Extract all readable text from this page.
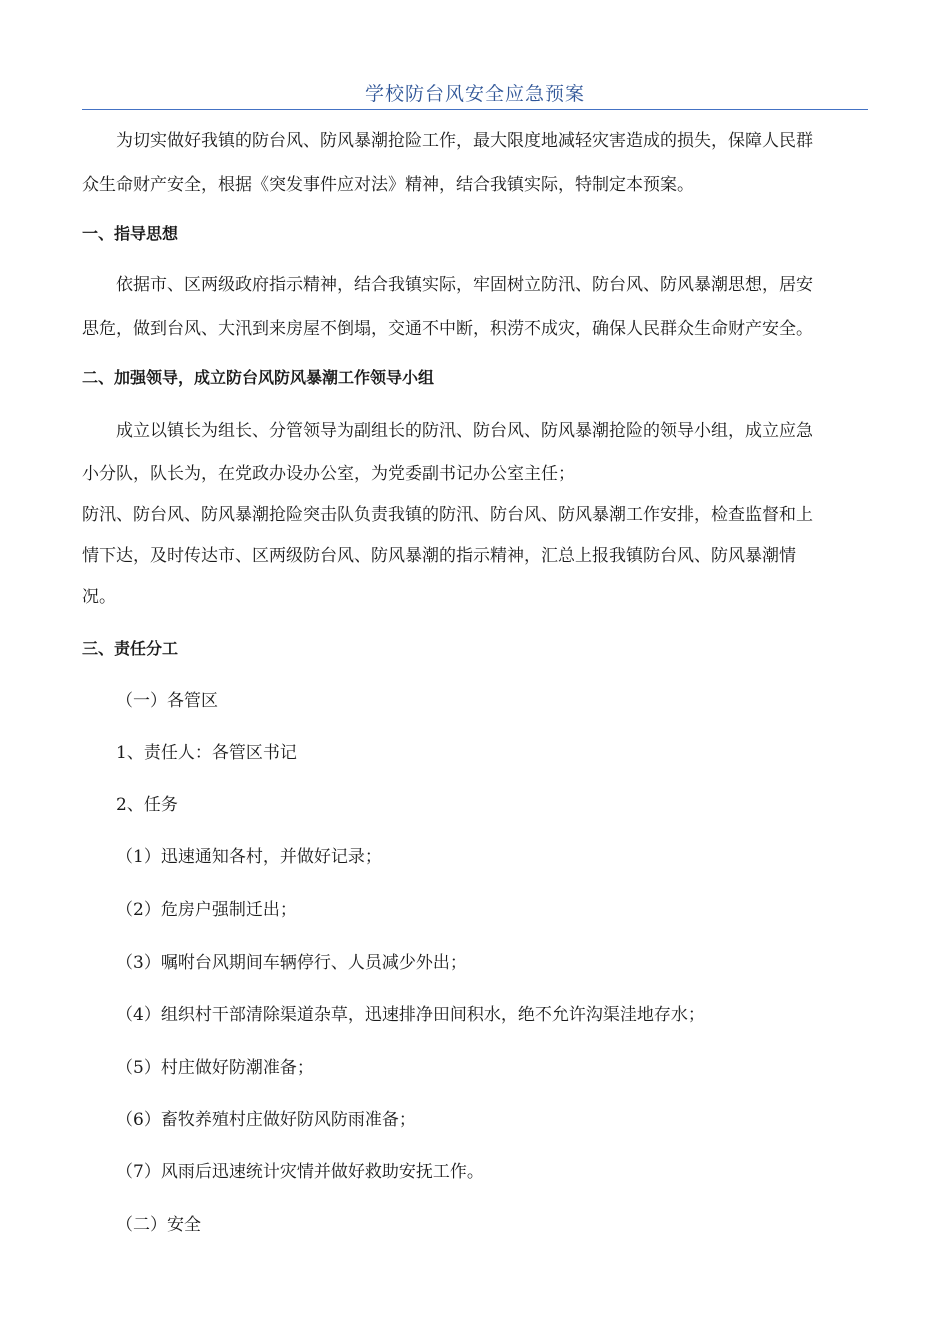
学校防台风安全应急预案
为切实做好我镇的防台风、防风暴潮抢险工作，最大限度地减轻灾害造成的损失，保障人民群
众生命财产安全，根据《突发事件应对法》精神，结合我镇实际，特制定本预案。
一、指导思想
依据市、区两级政府指示精神，结合我镇实际，牢固树立防汛、防台风、防风暴潮思想，居安
思危，做到台风、大汛到来房屋不倒塌，交通不中断，积涝不成灾，确保人民群众生命财产安全。
二、加强领导，成立防台风防风暴潮工作领导小组
成立以镇长为组长、分管领导为副组长的防汛、防台风、防风暴潮抢险的领导小组，成立应急
小分队，队长为，在党政办设办公室，为党委副书记办公室主任；
防汛、防台风、防风暴潮抢险突击队负责我镇的防汛、防台风、防风暴潮工作安排，检查监督和上
情下达，及时传达市、区两级防台风、防风暴潮的指示精神，汇总上报我镇防台风、防风暴潮情
况。
三、责任分工
（一）各管区
1、责任人：各管区书记
2、任务
（1）迅速通知各村，并做好记录；
（2）危房户强制迁出；
（3）嘱咐台风期间车辆停行、人员减少外出；
（4）组织村干部清除渠道杂草，迅速排净田间积水，绝不允许沟渠洼地存水；
（5）村庄做好防潮准备；
（6）畜牧养殖村庄做好防风防雨准备；
（7）风雨后迅速统计灾情并做好救助安抚工作。
（二）安全
